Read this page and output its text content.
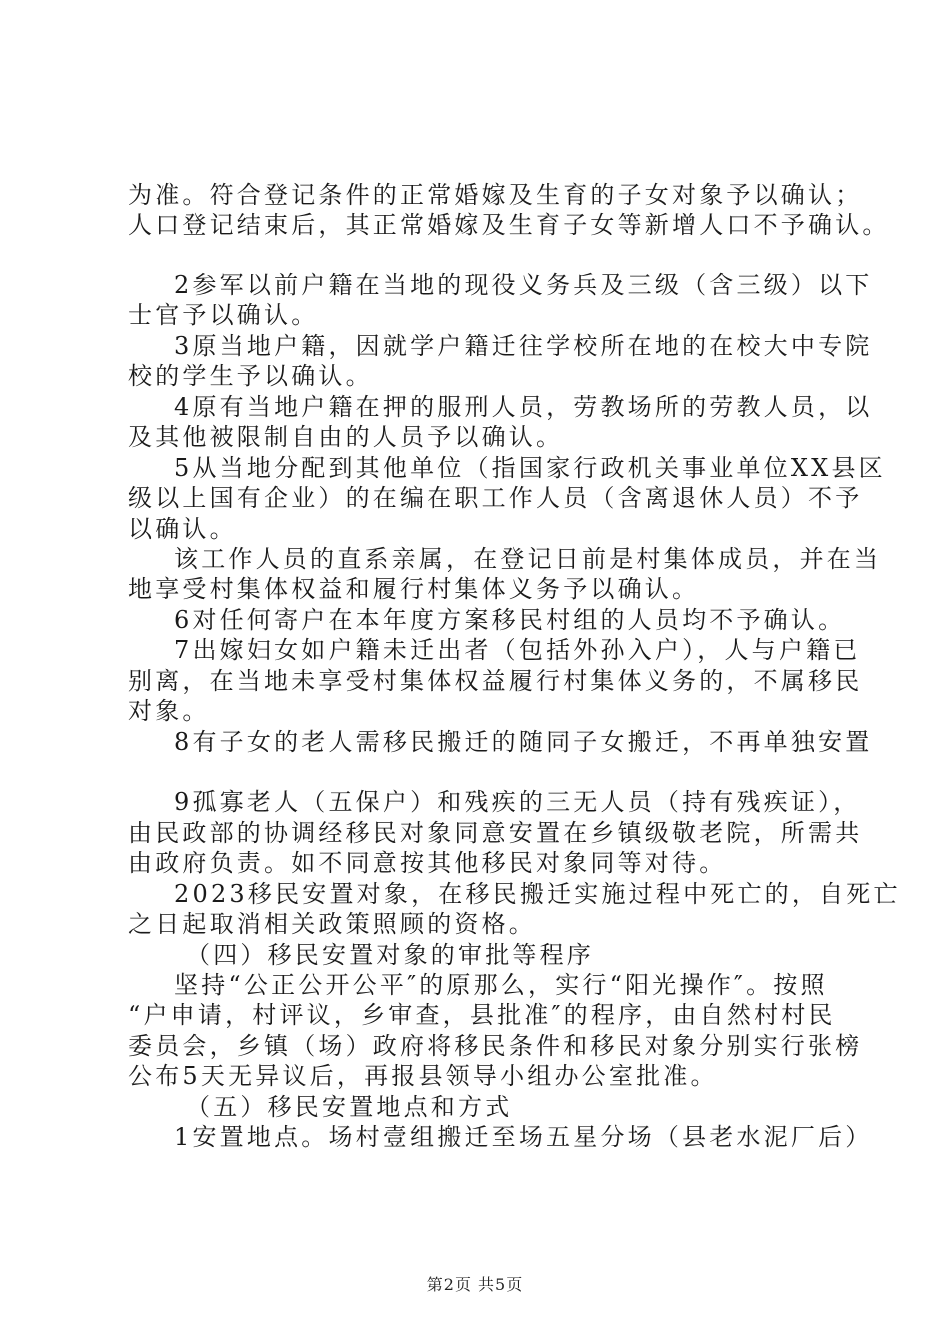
为准。符合登记条件的正常婚嫁及生育的子女对象予以确认；
人口登记结束后，其正常婚嫁及生育子女等新增人口不予确认。
2参军以前户籍在当地的现役义务兵及三级（含三级）以下
士官予以确认。
3原当地户籍，因就学户籍迁往学校所在地的在校大中专院
校的学生予以确认。
4原有当地户籍在押的服刑人员，劳教场所的劳教人员，以
及其他被限制自由的人员予以确认。
5从当地分配到其他单位（指国家行政机关事业单位XX县区
级以上国有企业）的在编在职工作人员（含离退休人员）不予
以确认。
该工作人员的直系亲属，在登记日前是村集体成员，并在当
地享受村集体权益和履行村集体义务予以确认。
6对任何寄户在本年度方案移民村组的人员均不予确认。
7出嫁妇女如户籍未迁出者（包括外孙入户），人与户籍已
别离，在当地未享受村集体权益履行村集体义务的，不属移民
对象。
8有子女的老人需移民搬迁的随同子女搬迁，不再单独安置
9孤寡老人（五保户）和残疾的三无人员（持有残疾证），
由民政部的协调经移民对象同意安置在乡镇级敬老院，所需共
由政府负责。如不同意按其他移民对象同等对待。
2023移民安置对象，在移民搬迁实施过程中死亡的，自死亡
之日起取消相关政策照顾的资格。
（四）移民安置对象的审批等程序
坚持“公正公开公平″的原那么，实行“阳光操作″。按照
“户申请，村评议，乡审查，县批准″的程序，由自然村村民
委员会，乡镇（场）政府将移民条件和移民对象分别实行张榜
公布5天无异议后，再报县领导小组办公室批准。
（五）移民安置地点和方式
1安置地点。场村壹组搬迁至场五星分场（县老水泥厂后）
第2页 共5页
